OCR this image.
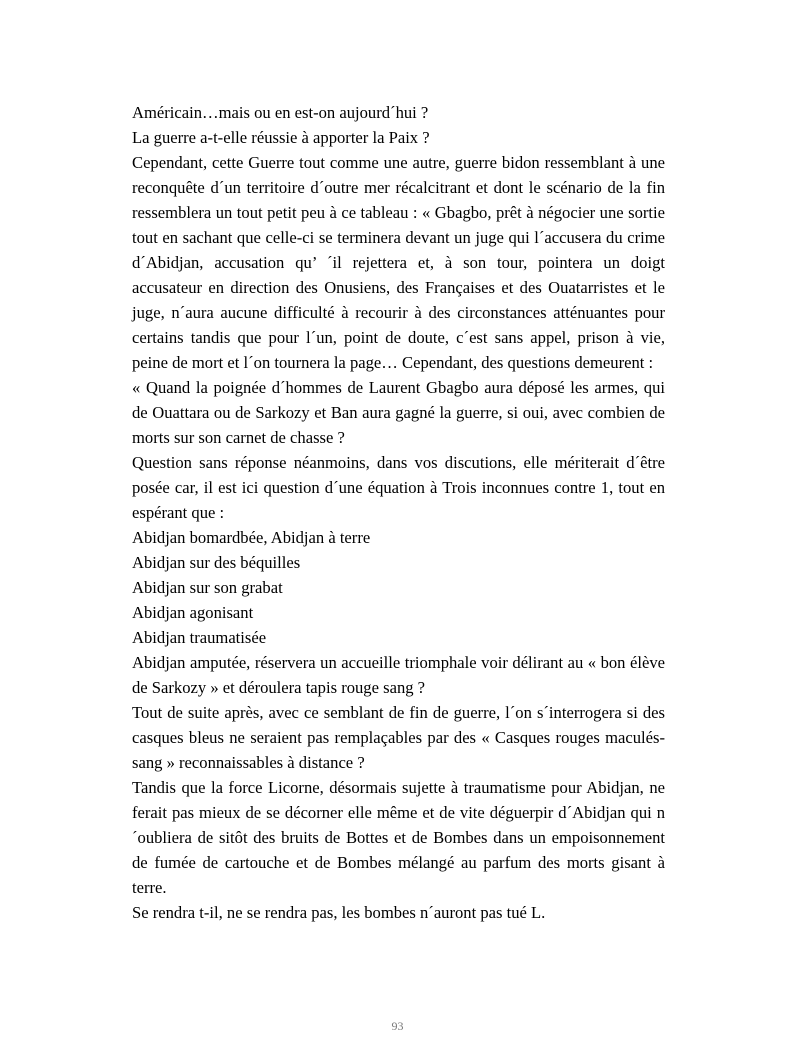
Américain…mais ou en est-on aujourd´hui ?

La guerre a-t-elle réussie à apporter la Paix ?

Cependant, cette Guerre tout comme une autre, guerre bidon ressemblant à une reconquête d´un territoire d´outre mer récalcitrant et dont le scénario de la fin ressemblera un tout petit peu à ce tableau : « Gbagbo, prêt à négocier une sortie tout en sachant que celle-ci se terminera devant un juge qui l´accusera du crime d´Abidjan, accusation qu’ ´il rejettera et, à son tour, pointera un doigt accusateur en direction des Onusiens, des Françaises et des Ouatarristes et le juge, n´aura aucune difficulté à recourir à des circonstances atténuantes pour certains tandis que pour l´un, point de doute, c´est sans appel, prison à vie, peine de mort et l´on tournera la page… Cependant, des questions demeurent :

« Quand la poignée d´hommes de Laurent Gbagbo aura déposé les armes, qui de Ouattara ou de Sarkozy et Ban aura gagné la guerre, si oui, avec combien de morts sur son carnet de chasse ?

Question sans réponse néanmoins, dans vos discutions, elle mériterait d´être posée car, il est ici question d´une équation à Trois inconnues contre 1, tout en espérant que :

Abidjan bomardbée, Abidjan à terre

Abidjan sur des béquilles

Abidjan sur son grabat

Abidjan agonisant

Abidjan traumatisée

Abidjan amputée, réservera un accueille triomphale voir délirant au « bon élève de Sarkozy » et déroulera tapis rouge sang ?

Tout de suite après, avec ce semblant de fin de guerre, l´on s´interrogera si des casques bleus ne seraient pas remplaçables par des « Casques rouges maculés-sang » reconnaissables à distance ?

Tandis que la force Licorne, désormais sujette à traumatisme pour Abidjan, ne ferait pas mieux de se décorner elle même et de vite déguerpir d´Abidjan qui n´oubliera de sitôt des bruits de Bottes et de Bombes dans un empoisonnement de fumée de cartouche et de Bombes mélangé au parfum des morts gisant à terre.

Se rendra t-il, ne se rendra pas, les bombes n´auront pas tué L.

93
